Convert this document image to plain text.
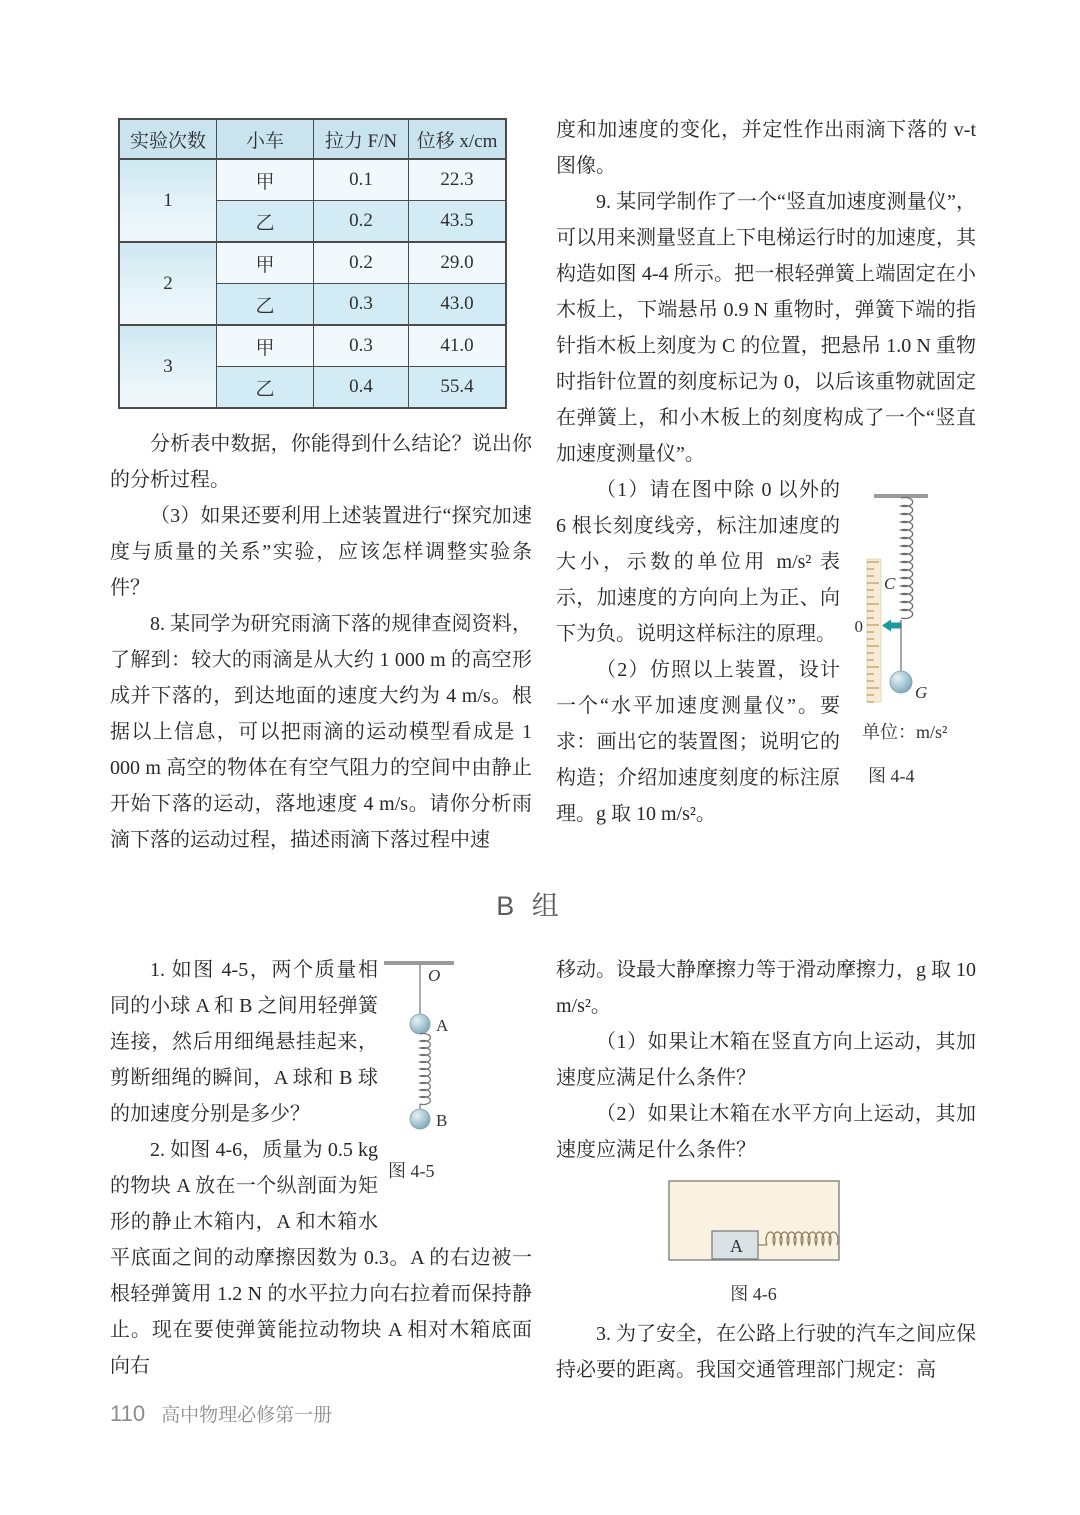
实验次数	小车	拉力 F/N	位移 x/cm
1	甲	0.1	22.3
	乙	0.2	43.5
2	甲	0.2	29.0
	乙	0.3	43.0
3	甲	0.3	41.0
	乙	0.4	55.4

分析表中数据，你能得到什么结论？说出你的分析过程。

（3）如果还要利用上述装置进行“探究加速度与质量的关系”实验，应该怎样调整实验条件？

8. 某同学为研究雨滴下落的规律查阅资料，了解到：较大的雨滴是从大约 1 000 m 的高空形成并下落的，到达地面的速度大约为 4 m/s。根据以上信息，可以把雨滴的运动模型看成是 1 000 m 高空的物体在有空气阻力的空间中由静止开始下落的运动，落地速度 4 m/s。请你分析雨滴下落的运动过程，描述雨滴下落过程中速

度和加速度的变化，并定性作出雨滴下落的 v-t 图像。

9. 某同学制作了一个“竖直加速度测量仪”，可以用来测量竖直上下电梯运行时的加速度，其构造如图 4-4 所示。把一根轻弹簧上端固定在小木板上，下端悬吊 0.9 N 重物时，弹簧下端的指针指木板上刻度为 C 的位置，把悬吊 1.0 N 重物时指针位置的刻度标记为 0，以后该重物就固定在弹簧上，和小木板上的刻度构成了一个“竖直加速度测量仪”。

C
0
G
单位：m/s²
图 4-4

（1）请在图中除 0 以外的 6 根长刻度线旁，标注加速度的大小，示数的单位用 m/s² 表示，加速度的方向向上为正、向下为负。说明这样标注的原理。

（2）仿照以上装置，设计一个“水平加速度测量仪”。要求：画出它的装置图；说明它的构造；介绍加速度刻度的标注原理。g 取 10 m/s²。

B 组
O
A
B
图 4-5

1. 如图 4-5，两个质量相同的小球 A 和 B 之间用轻弹簧连接，然后用细绳悬挂起来，剪断细绳的瞬间，A 球和 B 球的加速度分别是多少？

2. 如图 4-6，质量为 0.5 kg 的物块 A 放在一个纵剖面为矩形的静止木箱内，A 和木箱水平底面之间的动摩擦因数为 0.3。A 的右边被一根轻弹簧用 1.2 N 的水平拉力向右拉着而保持静止。现在要使弹簧能拉动物块 A 相对木箱底面向右

移动。设最大静摩擦力等于滑动摩擦力，g 取 10 m/s²。

（1）如果让木箱在竖直方向上运动，其加速度应满足什么条件？

（2）如果让木箱在水平方向上运动，其加速度应满足什么条件？

A
图 4-6

3. 为了安全，在公路上行驶的汽车之间应保持必要的距离。我国交通管理部门规定：高

110 高中物理必修第一册
